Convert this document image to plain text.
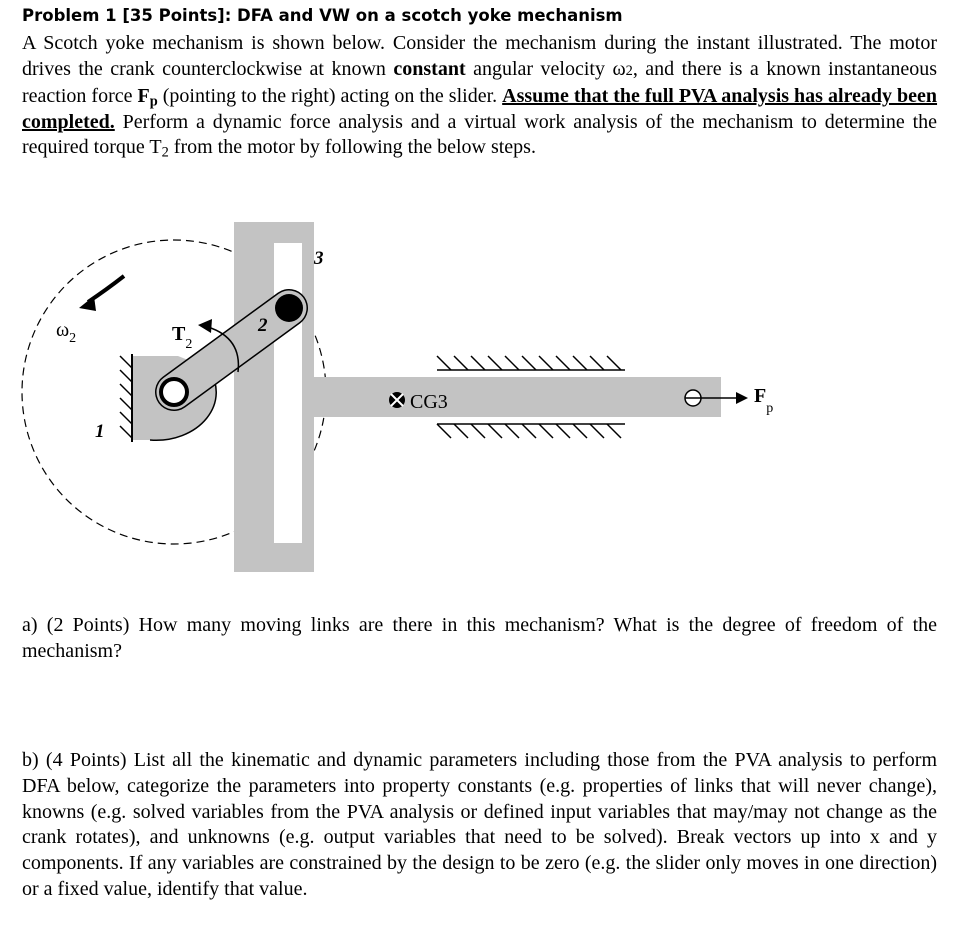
Problem 1 [35 Points]: DFA and VW on a scotch yoke mechanism
A Scotch yoke mechanism is shown below. Consider the mechanism during the instant illustrated. The motor drives the crank counterclockwise at known constant angular velocity ω2, and there is a known instantaneous reaction force $F_p$ (pointing to the right) acting on the slider. Assume that the full PVA analysis has already been completed. Perform a dynamic force analysis and a virtual work analysis of the mechanism to determine the required torque $T_2$ from the motor by following the below steps.
$\omega_2$	$T_2$
1
2
3
CG3	$F_p$
a) (2 Points) How many moving links are there in this mechanism? What is the degree of freedom of the mechanism?
b) (4 Points) List all the kinematic and dynamic parameters including those from the PVA analysis to perform DFA below, categorize the parameters into property constants (e.g. properties of links that will never change), knowns (e.g. solved variables from the PVA analysis or defined input variables that may/may not change as the crank rotates), and unknowns (e.g. output variables that need to be solved). Break vectors up into x and y components. If any variables are constrained by the design to be zero (e.g. the slider only moves in one direction) or a fixed value, identify that value.
